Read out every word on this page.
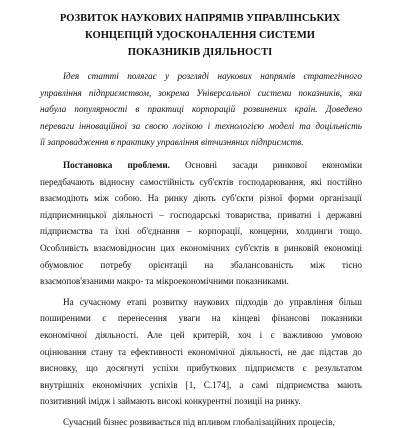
РОЗВИТОК НАУКОВИХ НАПРЯМІВ УПРАВЛІНСЬКИХ
КОНЦЕПЦІЙ УДОСКОНАЛЕННЯ СИСТЕМИ
ПОКАЗНИКІВ ДІЯЛЬНОСТІ
Ідея статті полягає у розгляді наукових напрямів стратегічного
управління підприємством, зокрема Універсальної системи показників, яка
набула популярності в практиці корпорацій розвинених країн. Доведено
переваги інноваційної за своєю логікою і технологією моделі та доцільність
її запровадження в практику управління вітчизняних підприємств.
Постановка проблеми. Основні засади ринкової економіки
передбачають відносну самостійність суб'єктів господарювання, які постійно
взаємодіють між собою. На ринку діють суб'єкти різної форми організації
підприємницької діяльності – господарські товариства, приватні і державні
підприємства та їхні об'єднання – корпорації, концерни, холдинги тощо.
Особливість взаємовідносин цих економічних суб'єктів в ринковій економіці
обумовлює потребу орієнтації на збалансованість між тісно
взаємопов'язаними макро- та мікроекономічними показниками.
На сучасному етапі розвитку наукових підходів до управління більш
поширеними є перенесення уваги на кінцеві фінансові показники
економічної діяльності. Але цей критерій, хоч і є важливою умовою
оцінювання стану та ефективності економічної діяльності, не дає підстав до
висновку, що досягнуті успіхи прибуткових підприємств є результатом
внутрішніх економічних успіхів [1, С.174], а самі підприємства мають
позитивний імідж і займають високі конкурентні позиції на ринку.
Сучасний бізнес розвивається під впливом глобалізаційних процесів,
